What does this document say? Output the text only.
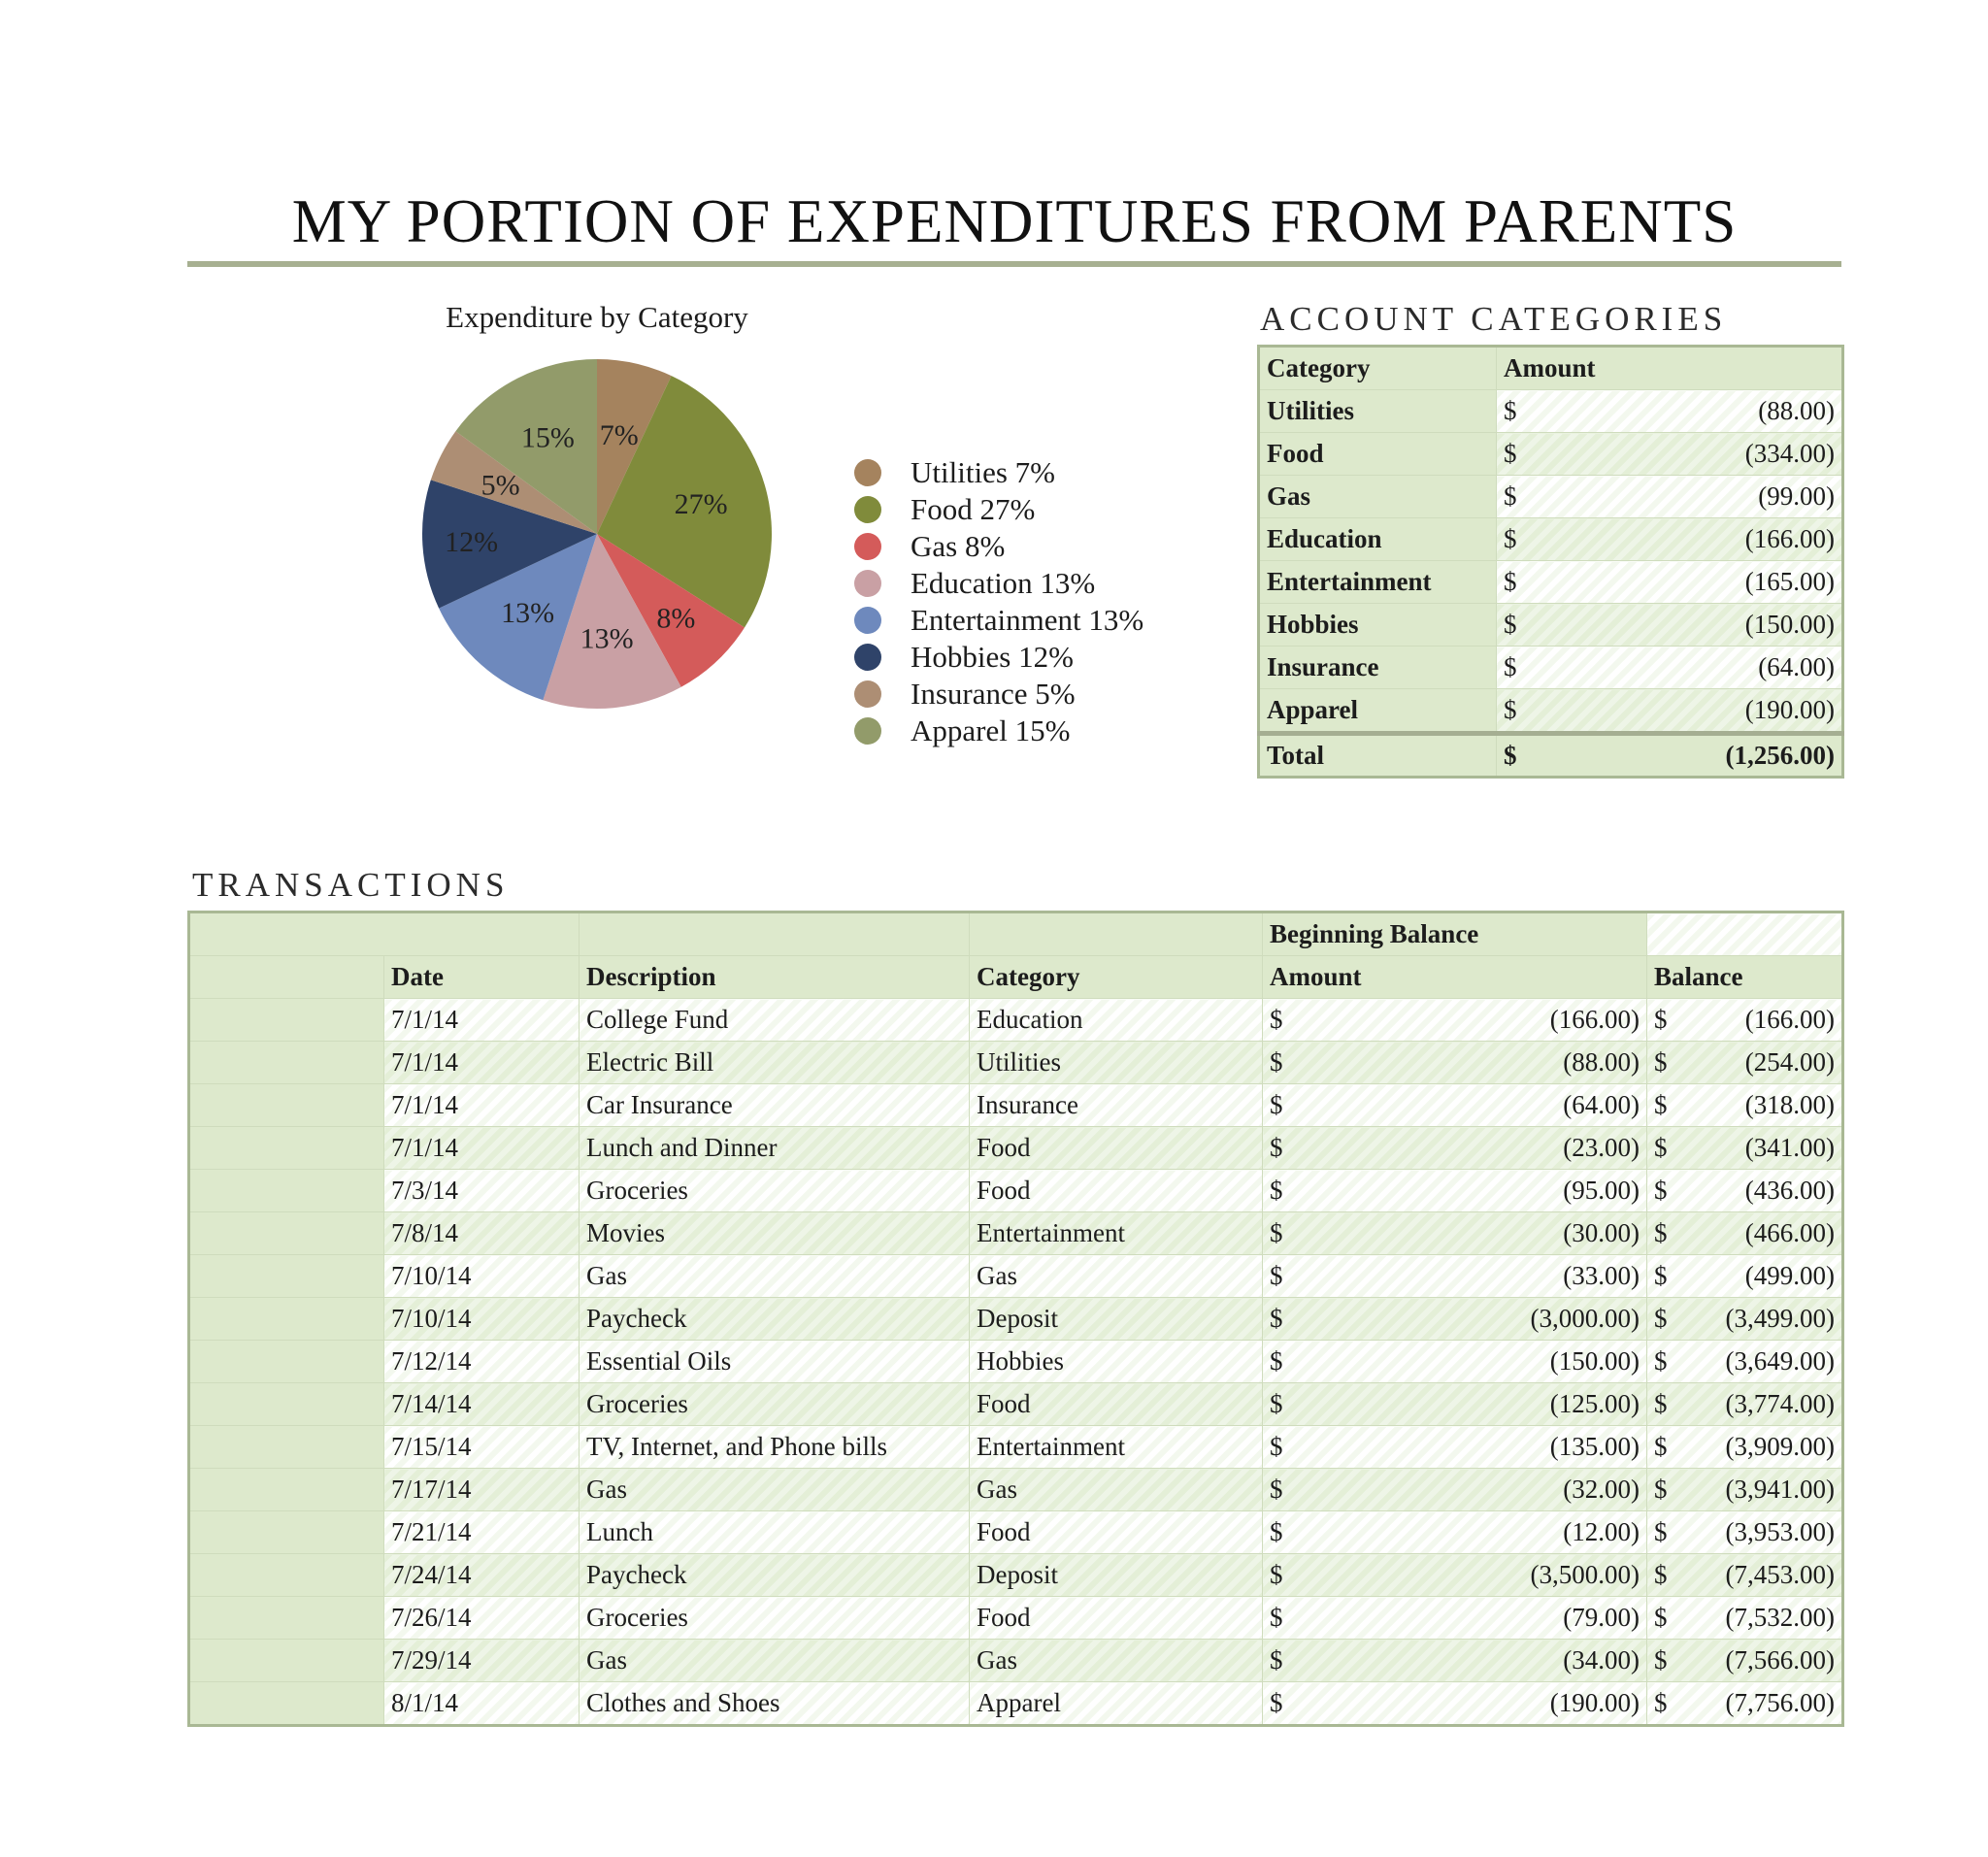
MY PORTION OF EXPENDITURES FROM PARENTS
Expenditure by Category
7%
27%
8%
13%
13%
12%
5%
15%
Utilities 7%
Food 27%
Gas 8%
Education 13%
Entertainment 13%
Hobbies 12%
Insurance 5%
Apparel 15%
ACCOUNT CATEGORIES
Category	Amount
Utilities	$ (88.00)

Food	$ (334.00)

Gas	$ (99.00)

Education	$ (166.00)

Entertainment	$ (165.00)

Hobbies	$ (150.00)

Insurance	$ (64.00)

Apparel	$ (190.00)

Total	$ (1,256.00)
TRANSACTIONS
				Beginning Balance	
	Date	Description	Category	Amount	Balance
	7/1/14	College Fund	Education	$ (166.00)	$ (166.00)

	7/1/14	Electric Bill	Utilities	$ (88.00)	$ (254.00)

	7/1/14	Car Insurance	Insurance	$ (64.00)	$ (318.00)

	7/1/14	Lunch and Dinner	Food	$ (23.00)	$ (341.00)

	7/3/14	Groceries	Food	$ (95.00)	$ (436.00)

	7/8/14	Movies	Entertainment	$ (30.00)	$ (466.00)

	7/10/14	Gas	Gas	$ (33.00)	$ (499.00)

	7/10/14	Paycheck	Deposit	$ (3,000.00)	$ (3,499.00)

	7/12/14	Essential Oils	Hobbies	$ (150.00)	$ (3,649.00)

	7/14/14	Groceries	Food	$ (125.00)	$ (3,774.00)

	7/15/14	TV, Internet, and Phone bills	Entertainment	$ (135.00)	$ (3,909.00)

	7/17/14	Gas	Gas	$ (32.00)	$ (3,941.00)

	7/21/14	Lunch	Food	$ (12.00)	$ (3,953.00)

	7/24/14	Paycheck	Deposit	$ (3,500.00)	$ (7,453.00)

	7/26/14	Groceries	Food	$ (79.00)	$ (7,532.00)

	7/29/14	Gas	Gas	$ (34.00)	$ (7,566.00)

	8/1/14	Clothes and Shoes	Apparel	$ (190.00)	$ (7,756.00)
